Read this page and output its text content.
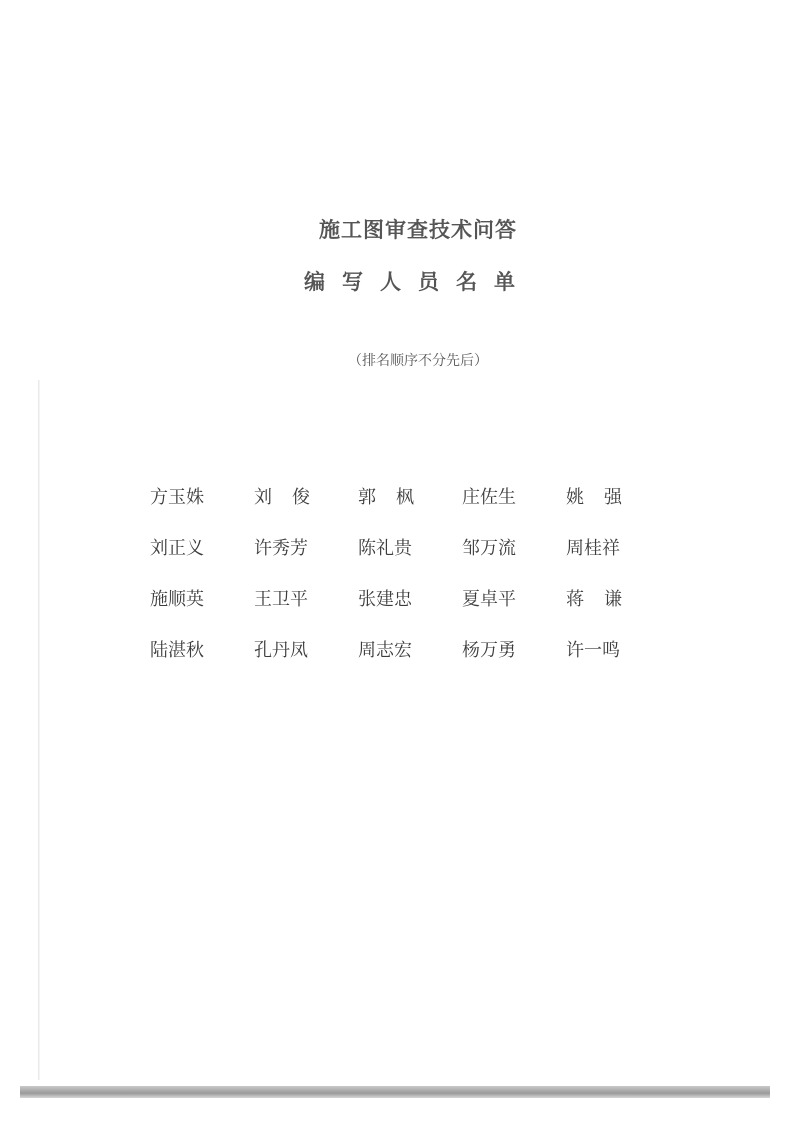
施工图审查技术问答
编写人员名单
（排名顺序不分先后）
方玉姝	刘俊	郭枫	庄佐生	姚强
刘正义	许秀芳	陈礼贵	邹万流	周桂祥
施顺英	王卫平	张建忠	夏卓平	蒋谦
陆湛秋	孔丹凤	周志宏	杨万勇	许一鸣
